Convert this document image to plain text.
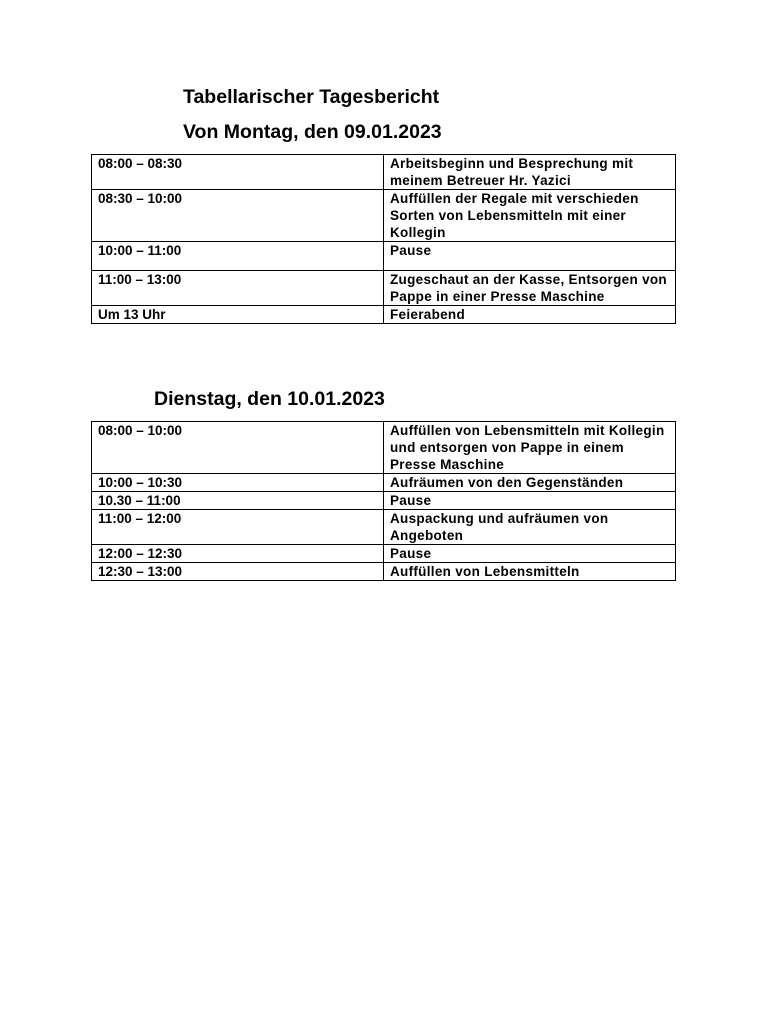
Tabellarischer Tagesbericht
Von Montag, den 09.01.2023
08:00 – 08:30	Arbeitsbeginn und Besprechung mit meinem Betreuer Hr. Yazici
08:30 – 10:00	Auffüllen der Regale mit verschieden Sorten von Lebensmitteln mit einer Kollegin
10:00 – 11:00	Pause
11:00 – 13:00	Zugeschaut an der Kasse, Entsorgen von Pappe in einer Presse Maschine
Um 13 Uhr	Feierabend
Dienstag, den 10.01.2023
08:00 – 10:00	Auffüllen von Lebensmitteln mit Kollegin und entsorgen von Pappe in einem Presse Maschine
10:00 – 10:30	Aufräumen von den Gegenständen
10.30 – 11:00	Pause
11:00 – 12:00	Auspackung und aufräumen von Angeboten
12:00 – 12:30	Pause
12:30 – 13:00	Auffüllen von Lebensmitteln
